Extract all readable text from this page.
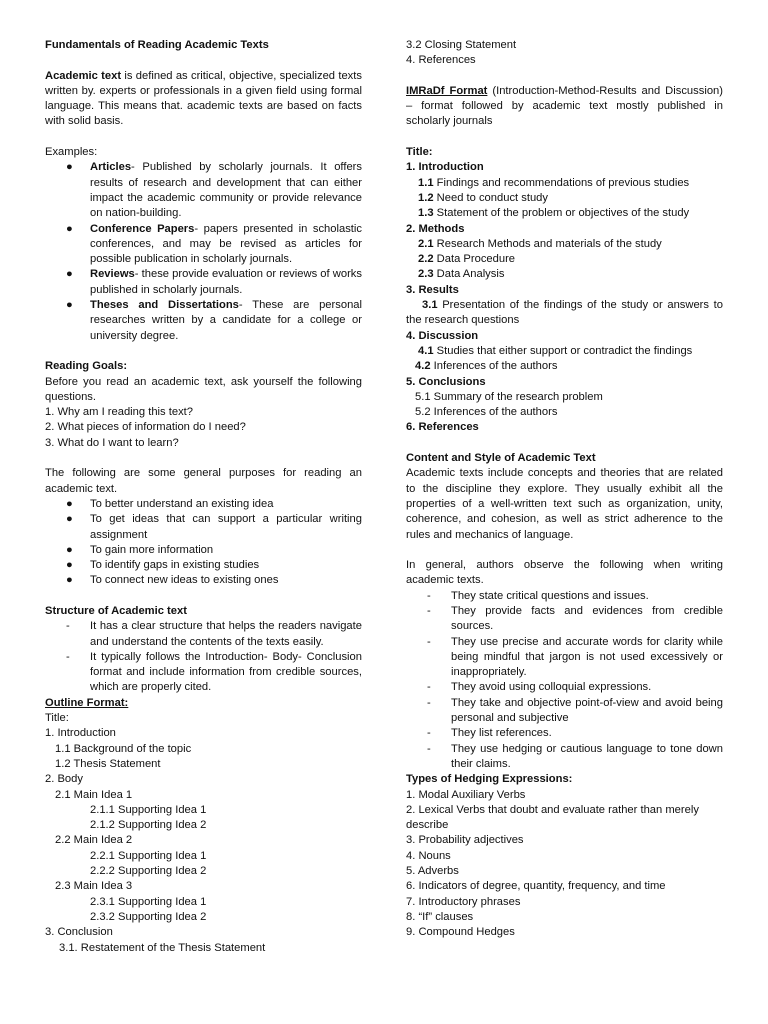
Fundamentals of Reading Academic Texts

Academic text is defined as critical, objective, specialized texts written by. experts or professionals in a given field using formal language. This means that. academic texts are based on facts with solid basis.

Examples:

● Articles- Published by scholarly journals. It offers results of research and development that can either impact the academic community or provide relevance on nation-building.
● Conference Papers- papers presented in scholastic conferences, and may be revised as articles for possible publication in scholarly journals.
● Reviews- these provide evaluation or reviews of works published in scholarly journals.
● Theses and Dissertations- These are personal researches written by a candidate for a college or university degree.

Reading Goals:

Before you read an academic text, ask yourself the following questions.

1. Why am I reading this text?

2. What pieces of information do I need?

3. What do I want to learn?

The following are some general purposes for reading an academic text.

● To better understand an existing idea
● To get ideas that can support a particular writing assignment
● To gain more information
● To identify gaps in existing studies
● To connect new ideas to existing ones

Structure of Academic text

- It has a clear structure that helps the readers navigate and understand the contents of the texts easily.
- It typically follows the Introduction- Body- Conclusion format and include information from credible sources, which are properly cited.

Outline Format:

Title:

1. Introduction

1.1 Background of the topic

1.2 Thesis Statement

2. Body

2.1 Main Idea 1

2.1.1 Supporting Idea 1

2.1.2 Supporting Idea 2

2.2 Main Idea 2

2.2.1 Supporting Idea 1

2.2.2 Supporting Idea 2

2.3 Main Idea 3

2.3.1 Supporting Idea 1

2.3.2 Supporting Idea 2

3. Conclusion

3.1. Restatement of the Thesis Statement

3.2 Closing Statement

4. References

IMRaDf Format (Introduction-Method-Results and Discussion) – format followed by academic text mostly published in scholarly journals

Title:

1. Introduction

1.1 Findings and recommendations of previous studies

1.2 Need to conduct study

1.3 Statement of the problem or objectives of the study

2. Methods

2.1 Research Methods and materials of the study

2.2 Data Procedure

2.3 Data Analysis

3. Results

3.1 Presentation of the findings of the study or answers to the research questions

4. Discussion

4.1 Studies that either support or contradict the findings

4.2 Inferences of the authors

5. Conclusions

5.1 Summary of the research problem

5.2 Inferences of the authors

6. References

Content and Style of Academic Text

Academic texts include concepts and theories that are related to the discipline they explore. They usually exhibit all the properties of a well-written text such as organization, unity, coherence, and cohesion, as well as strict adherence to the rules and mechanics of language.

In general, authors observe the following when writing academic texts.

- They state critical questions and issues.
- They provide facts and evidences from credible sources.
- They use precise and accurate words for clarity while being mindful that jargon is not used excessively or inappropriately.
- They avoid using colloquial expressions.
- They take and objective point-of-view and avoid being personal and subjective
- They list references.
- They use hedging or cautious language to tone down their claims.

Types of Hedging Expressions:

1. Modal Auxiliary Verbs

2. Lexical Verbs that doubt and evaluate rather than merely describe

3. Probability adjectives

4. Nouns

5. Adverbs

6. Indicators of degree, quantity, frequency, and time

7. Introductory phrases

8. “If” clauses

9. Compound Hedges
